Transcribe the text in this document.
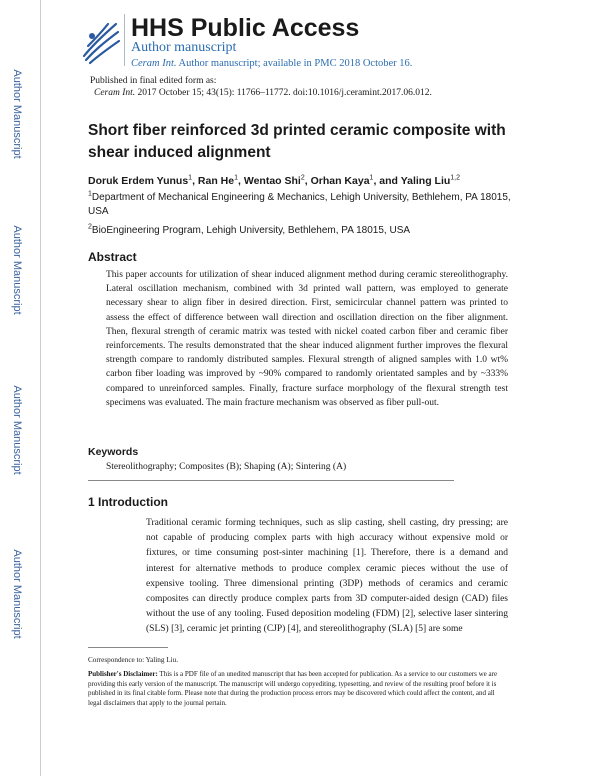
Author Manuscript
Author Manuscript
Author Manuscript
Author Manuscript
HHS Public Access
Author manuscript
Ceram Int. Author manuscript; available in PMC 2018 October 16.
Published in final edited form as:
Ceram Int. 2017 October 15; 43(15): 11766–11772. doi:10.1016/j.ceramint.2017.06.012.
Short fiber reinforced 3d printed ceramic composite with shear induced alignment
Doruk Erdem Yunus$^1$, Ran He$^1$, Wentao Shi$^2$, Orhan Kaya$^1$, and Yaling Liu$^{1,2}$
$^1$Department of Mechanical Engineering & Mechanics, Lehigh University, Bethlehem, PA 18015, USA
$^2$BioEngineering Program, Lehigh University, Bethlehem, PA 18015, USA
Abstract
This paper accounts for utilization of shear induced alignment method during ceramic stereolithography. Lateral oscillation mechanism, combined with 3d printed wall pattern, was employed to generate necessary shear to align fiber in desired direction. First, semicircular channel pattern was printed to assess the effect of difference between wall direction and oscillation direction on the fiber alignment. Then, flexural strength of ceramic matrix was tested with nickel coated carbon fiber and ceramic fiber reinforcements. The results demonstrated that the shear induced alignment further improves the flexural strength compare to randomly distributed samples. Flexural strength of aligned samples with 1.0 wt% carbon fiber loading was improved by ~90% compared to randomly orientated samples and by ~333% compared to unreinforced samples. Finally, fracture surface morphology of the flexural strength test specimens was evaluated. The main fracture mechanism was observed as fiber pull-out.
Keywords
Stereolithography; Composites (B); Shaping (A); Sintering (A)
1 Introduction
Traditional ceramic forming techniques, such as slip casting, shell casting, dry pressing; are not capable of producing complex parts with high accuracy without expensive mold or fixtures, or time consuming post-sinter machining [1]. Therefore, there is a demand and interest for alternative methods to produce complex ceramic pieces without the use of expensive tooling. Three dimensional printing (3DP) methods of ceramics and ceramic composites can directly produce complex parts from 3D computer-aided design (CAD) files without the use of any tooling. Fused deposition modeling (FDM) [2], selective laser sintering (SLS) [3], ceramic jet printing (CJP) [4], and stereolithography (SLA) [5] are some
Correspondence to: Yaling Liu.
Publisher's Disclaimer: This is a PDF file of an unedited manuscript that has been accepted for publication. As a service to our customers we are providing this early version of the manuscript. The manuscript will undergo copyediting, typesetting, and review of the resulting proof before it is published in its final citable form. Please note that during the production process errors may be discovered which could affect the content, and all legal disclaimers that apply to the journal pertain.
